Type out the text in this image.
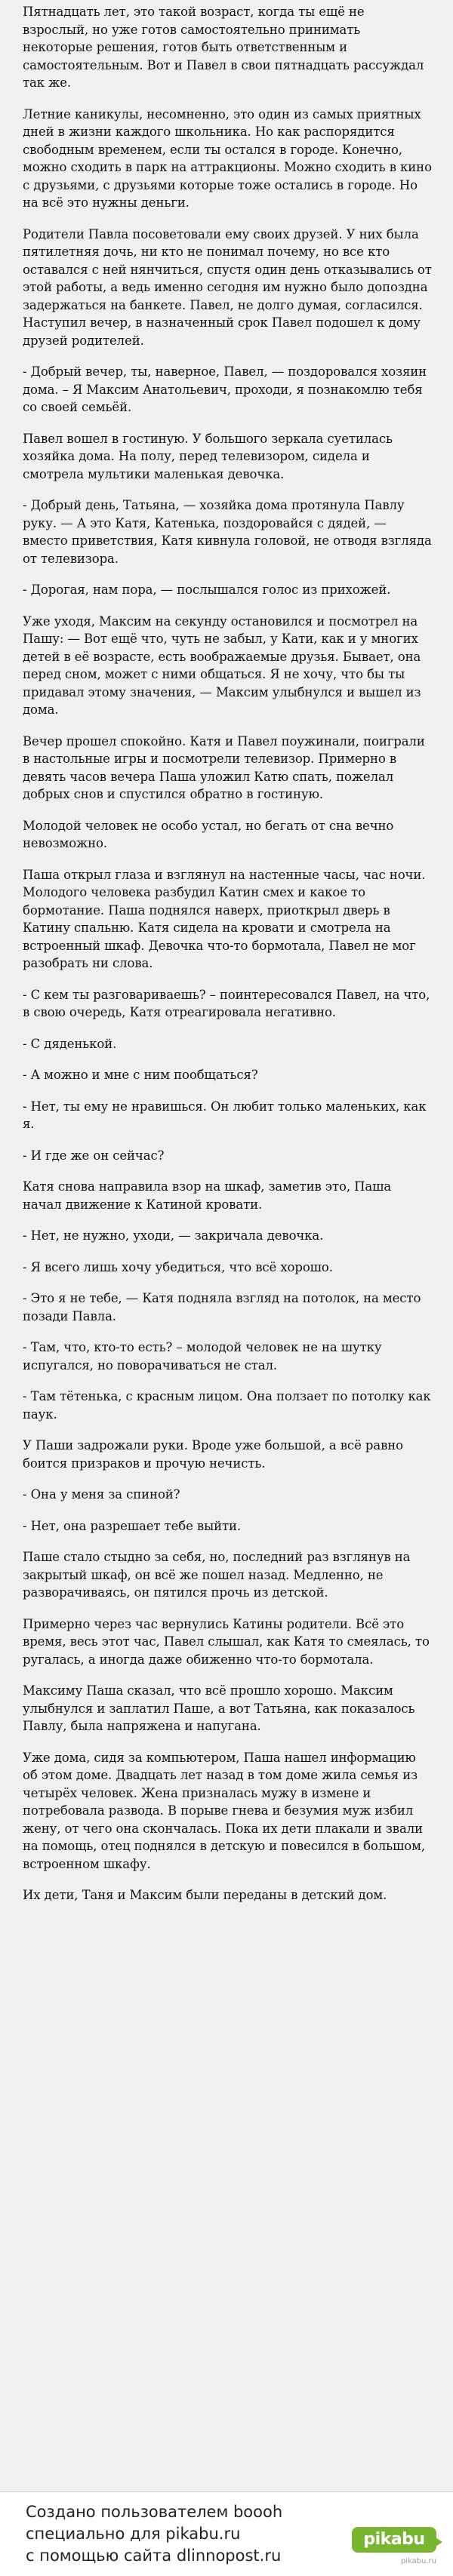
Пятнадцать лет, это такой возраст, когда ты ещё не взрослый, но уже готов самостоятельно принимать некоторые решения, готов быть ответственным и самостоятельным. Вот и Павел в свои пятнадцать рассуждал так же.

Летние каникулы, несомненно, это один из самых приятных дней в жизни каждого школьника. Но как распорядится свободным временем, если ты остался в городе. Конечно, можно сходить в парк на аттракционы. Можно сходить в кино с друзьями, с друзьями которые тоже остались в городе. Но на всё это нужны деньги.

Родители Павла посоветовали ему своих друзей. У них была пятилетняя дочь, ни кто не понимал почему, но все кто оставался с ней нянчиться, спустя один день отказывались от этой работы, а ведь именно сегодня им нужно было допоздна задержаться на банкете. Павел, не долго думая, согласился. Наступил вечер, в назначенный срок Павел подошел к дому друзей родителей.

- Добрый вечер, ты, наверное, Павел, — поздоровался хозяин дома. – Я Максим Анатольевич, проходи, я познакомлю тебя со своей семьёй.

Павел вошел в гостиную. У большого зеркала суетилась хозяйка дома. На полу, перед телевизором, сидела и смотрела мультики маленькая девочка.

- Добрый день, Татьяна, — хозяйка дома протянула Павлу руку. — А это Катя, Катенька, поздоровайся с дядей, — вместо приветствия, Катя кивнула головой, не отводя взгляда от телевизора.

- Дорогая, нам пора, — послышался голос из прихожей.

Уже уходя, Максим на секунду остановился и посмотрел на Пашу: — Вот ещё что, чуть не забыл, у Кати, как и у многих детей в её возрасте, есть воображаемые друзья. Бывает, она перед сном, может с ними общаться. Я не хочу, что бы ты придавал этому значения, — Максим улыбнулся и вышел из дома.

Вечер прошел спокойно. Катя и Павел поужинали, поиграли в настольные игры и посмотрели телевизор. Примерно в девять часов вечера Паша уложил Катю спать, пожелал добрых снов и спустился обратно в гостиную.

Молодой человек не особо устал, но бегать от сна вечно невозможно.

Паша открыл глаза и взглянул на настенные часы, час ночи. Молодого человека разбудил Катин смех и какое то бормотание. Паша поднялся наверх, приоткрыл дверь в Катину спальню. Катя сидела на кровати и смотрела на встроенный шкаф. Девочка что-то бормотала, Павел не мог разобрать ни слова.

- С кем ты разговариваешь? – поинтересовался Павел, на что, в свою очередь, Катя отреагировала негативно.

- С дяденькой.

- А можно и мне с ним пообщаться?

- Нет, ты ему не нравишься. Он любит только маленьких, как я.

- И где же он сейчас?

Катя снова направила взор на шкаф, заметив это, Паша начал движение к Катиной кровати.

- Нет, не нужно, уходи, — закричала девочка.

- Я всего лишь хочу убедиться, что всё хорошо.

- Это я не тебе, — Катя подняла взгляд на потолок, на место позади Павла.

- Там, что, кто-то есть? – молодой человек не на шутку испугался, но поворачиваться не стал.

- Там тётенька, с красным лицом. Она ползает по потолку как паук.

У Паши задрожали руки. Вроде уже большой, а всё равно боится призраков и прочую нечисть.

- Она у меня за спиной?

- Нет, она разрешает тебе выйти.

Паше стало стыдно за себя, но, последний раз взглянув на закрытый шкаф, он всё же пошел назад. Медленно, не разворачиваясь, он пятился прочь из детской.

Примерно через час вернулись Катины родители. Всё это время, весь этот час, Павел слышал, как Катя то смеялась, то ругалась, а иногда даже обиженно что-то бормотала.

Максиму Паша сказал, что всё прошло хорошо. Максим улыбнулся и заплатил Паше, а вот Татьяна, как показалось Павлу, была напряжена и напугана.

Уже дома, сидя за компьютером, Паша нашел информацию об этом доме. Двадцать лет назад в том доме жила семья из четырёх человек. Жена призналась мужу в измене и потребовала развода. В порыве гнева и безумия муж избил жену, от чего она скончалась. Пока их дети плакали и звали на помощь, отец поднялся в детскую и повесился в большом, встроенном шкафу.

Их дети, Таня и Максим были переданы в детский дом.

Создано пользователем boooh
специально для pikabu.ru
с помощью сайта dlinnopost.ru
pikabu
pikabu.ru
